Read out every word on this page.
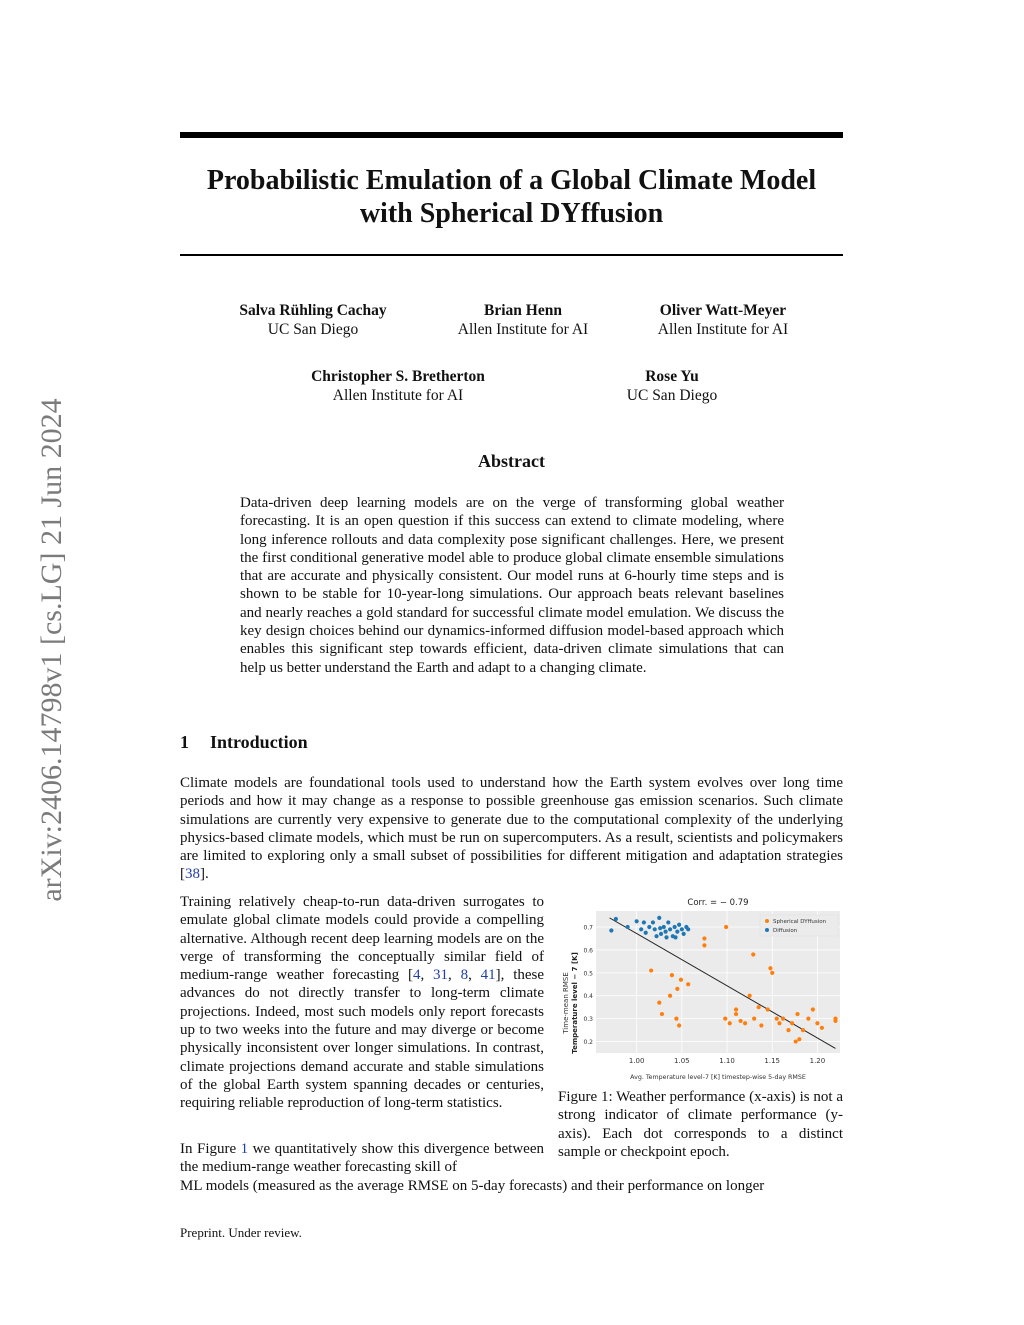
arXiv:2406.14798v1 [cs.LG] 21 Jun 2024
Probabilistic Emulation of a Global Climate Model with Spherical DYffusion
Salva Rühling Cachay
UC San Diego
Brian Henn
Allen Institute for AI
Oliver Watt-Meyer
Allen Institute for AI
Christopher S. Bretherton
Allen Institute for AI
Rose Yu
UC San Diego
Abstract
Data-driven deep learning models are on the verge of transforming global weather forecasting. It is an open question if this success can extend to climate modeling, where long inference rollouts and data complexity pose significant challenges. Here, we present the first conditional generative model able to produce global climate ensemble simulations that are accurate and physically consistent. Our model runs at 6-hourly time steps and is shown to be stable for 10-year-long simulations. Our approach beats relevant baselines and nearly reaches a gold standard for successful climate model emulation. We discuss the key design choices behind our dynamics-informed diffusion model-based approach which enables this significant step towards efficient, data-driven climate simulations that can help us better understand the Earth and adapt to a changing climate.
1 Introduction
Climate models are foundational tools used to understand how the Earth system evolves over long time periods and how it may change as a response to possible greenhouse gas emission scenarios. Such climate simulations are currently very expensive to generate due to the computational complexity of the underlying physics-based climate models, which must be run on supercomputers. As a result, scientists and policymakers are limited to exploring only a small subset of possibilities for different mitigation and adaptation strategies [38].
Training relatively cheap-to-run data-driven surrogates to emulate global climate models could provide a compelling alternative. Although recent deep learning models are on the verge of transforming the conceptually similar field of medium-range weather forecasting [4, 31, 8, 41], these advances do not directly transfer to long-term climate projections. Indeed, most such models only report forecasts up to two weeks into the future and may diverge or become physically inconsistent over longer simulations. In contrast, climate projections demand accurate and stable simulations of the global Earth system spanning decades or centuries, requiring reliable reproduction of long-term statistics.
In Figure 1 we quantitatively show this divergence between the medium-range weather forecasting skill of
ML models (measured as the average RMSE on 5-day forecasts) and their performance on longer
1.00	1.05	1.10	1.15	1.20
0.2
0.3
0.4
0.5
0.6
0.7
Corr. = − 0.79
Avg. Temperature level-7 [K] timestep-wise 5-day RMSE
Time-mean RMSE Temperature level − 7 [K]
Spherical DYffusion
Diffusion
Figure 1: Weather performance (x-axis) is not a strong indicator of climate performance (y-axis). Each dot corresponds to a distinct sample or checkpoint epoch.
Preprint. Under review.
